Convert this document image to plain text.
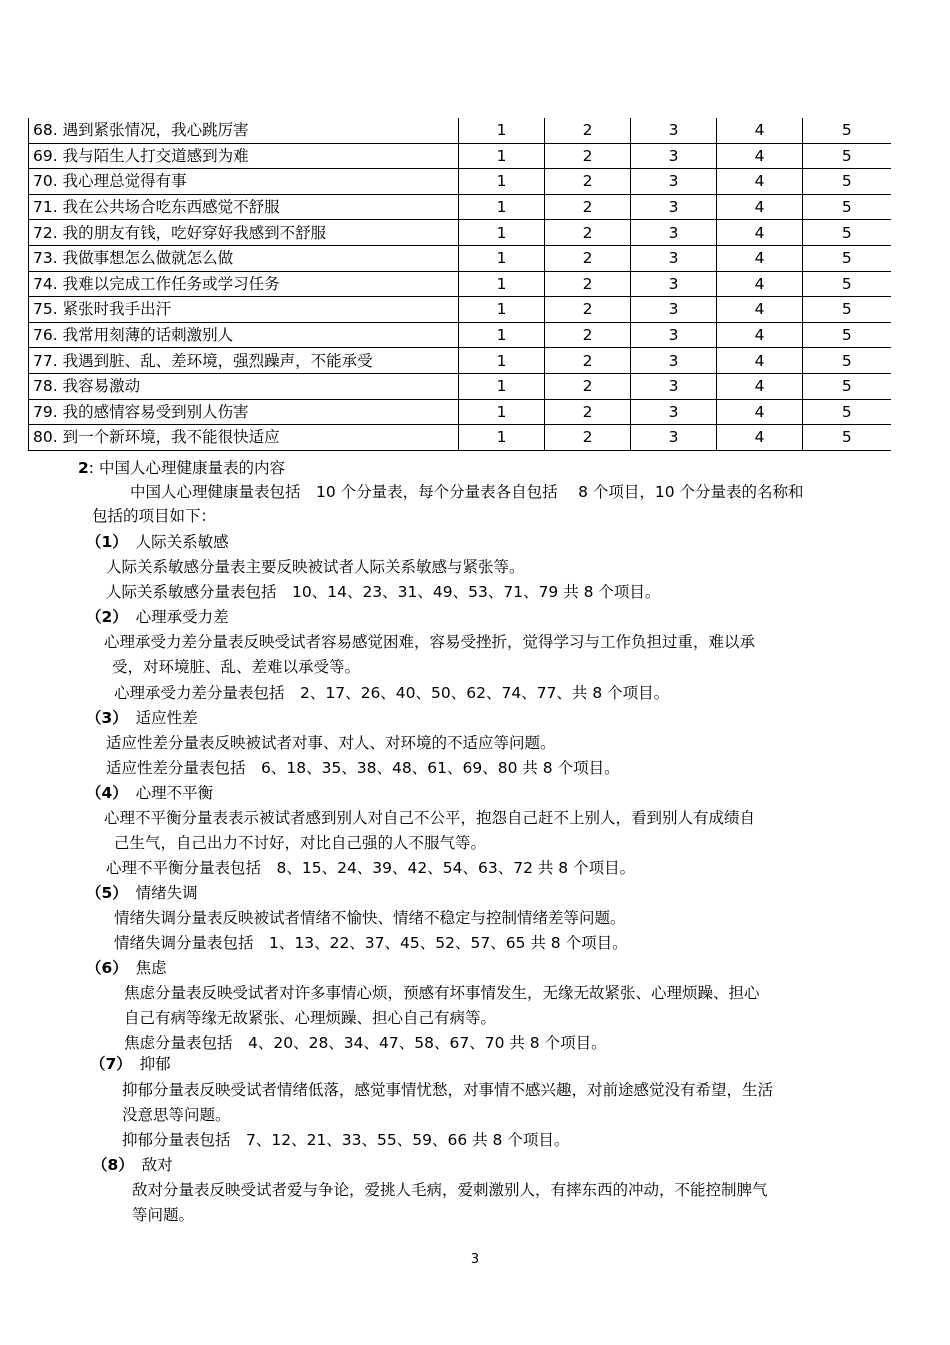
68. 遇到紧张情况，我心跳厉害	1	2	3	4	5
69. 我与陌生人打交道感到为难	1	2	3	4	5
70. 我心理总觉得有事	1	2	3	4	5
71. 我在公共场合吃东西感觉不舒服	1	2	3	4	5
72. 我的朋友有钱，吃好穿好我感到不舒服	1	2	3	4	5
73. 我做事想怎么做就怎么做	1	2	3	4	5
74. 我难以完成工作任务或学习任务	1	2	3	4	5
75. 紧张时我手出汗	1	2	3	4	5
76. 我常用刻薄的话刺激别人	1	2	3	4	5
77. 我遇到脏、乱、差环境，强烈躁声，不能承受	1	2	3	4	5
78. 我容易激动	1	2	3	4	5
79. 我的感情容易受到别人伤害	1	2	3	4	5
80. 到一个新环境，我不能很快适应	1	2	3	4	5
2: 中国人心理健康量表的内容
中国人心理健康量表包括　10 个分量表，每个分量表各自包括　 8 个项目，10 个分量表的名称和
包括的项目如下：
（1）　 人际关系敏感
人际关系敏感分量表主要反映被试者人际关系敏感与紧张等。
人际关系敏感分量表包括　10、14、23、31、49、53、71、79 共 8 个项目。
（2）　 心理承受力差
心理承受力差分量表反映受试者容易感觉困难，容易受挫折，觉得学习与工作负担过重，难以承
受，对环境脏、乱、差难以承受等。
心理承受力差分量表包括　2、17、26、40、50、62、74、77、共 8 个项目。
（3）　 适应性差
适应性差分量表反映被试者对事、对人、对环境的不适应等问题。
适应性差分量表包括　6、18、35、38、48、61、69、80 共 8 个项目。
（4）　 心理不平衡
心理不平衡分量表表示被试者感到别人对自己不公平，抱怨自己赶不上别人，看到别人有成绩自
己生气，自己出力不讨好，对比自己强的人不服气等。
心理不平衡分量表包括　8、15、24、39、42、54、63、72 共 8 个项目。
（5）　 情绪失调
情绪失调分量表反映被试者情绪不愉快、情绪不稳定与控制情绪差等问题。
情绪失调分量表包括　1、13、22、37、45、52、57、65 共 8 个项目。
（6）　 焦虑
焦虑分量表反映受试者对许多事情心烦，预感有坏事情发生，无缘无故紧张、心理烦躁、担心
自己有病等缘无故紧张、心理烦躁、担心自己有病等。
焦虑分量表包括　4、20、28、34、47、58、67、70 共 8 个项目。
（7）　 抑郁
抑郁分量表反映受试者情绪低落，感觉事情忧愁，对事情不感兴趣，对前途感觉没有希望，生活
没意思等问题。
抑郁分量表包括　7、12、21、33、55、59、66 共 8 个项目。
（8）　 敌对
敌对分量表反映受试者爱与争论，爱挑人毛病，爱刺激别人，有摔东西的冲动，不能控制脾气
等问题。
3
